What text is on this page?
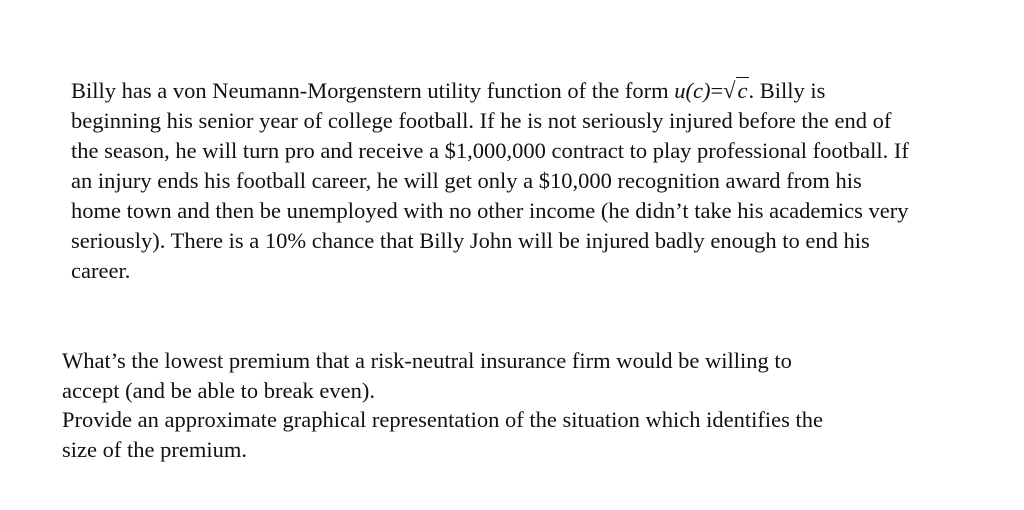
Billy has a von Neumann-Morgenstern utility function of the form u(c)=√c. Billy is
beginning his senior year of college football. If he is not seriously injured before the end of
the season, he will turn pro and receive a $1,000,000 contract to play professional football. If
an injury ends his football career, he will get only a $10,000 recognition award from his
home town and then be unemployed with no other income (he didn’t take his academics very
seriously). There is a 10% chance that Billy John will be injured badly enough to end his
career.
What’s the lowest premium that a risk-neutral insurance firm would be willing to
accept (and be able to break even).
Provide an approximate graphical representation of the situation which identifies the
size of the premium.
